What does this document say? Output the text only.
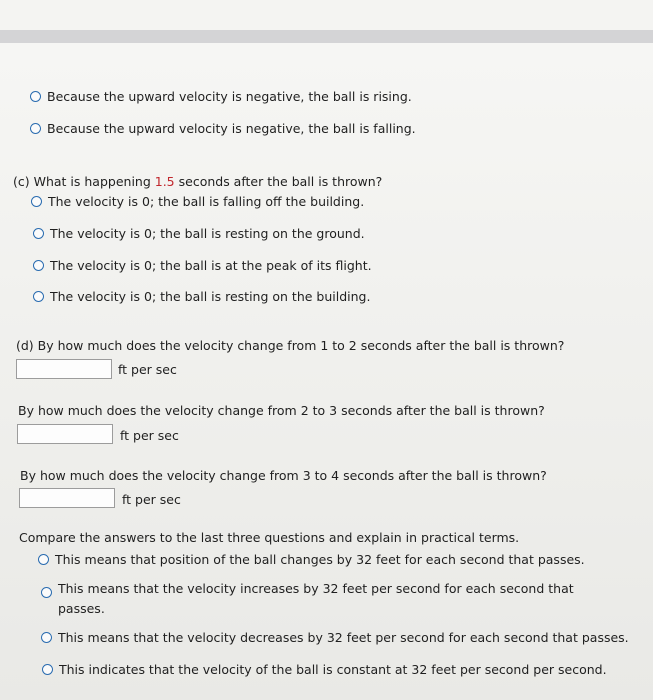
Because the upward velocity is negative, the ball is rising.
Because the upward velocity is negative, the ball is falling.
(c) What is happening 1.5 seconds after the ball is thrown?
The velocity is 0; the ball is falling off the building.
The velocity is 0; the ball is resting on the ground.
The velocity is 0; the ball is at the peak of its flight.
The velocity is 0; the ball is resting on the building.
(d) By how much does the velocity change from 1 to 2 seconds after the ball is thrown?
ft per sec
By how much does the velocity change from 2 to 3 seconds after the ball is thrown?
ft per sec
By how much does the velocity change from 3 to 4 seconds after the ball is thrown?
ft per sec
Compare the answers to the last three questions and explain in practical terms.
This means that position of the ball changes by 32 feet for each second that passes.
This means that the velocity increases by 32 feet per second for each second that passes.
This means that the velocity decreases by 32 feet per second for each second that passes.
This indicates that the velocity of the ball is constant at 32 feet per second per second.
